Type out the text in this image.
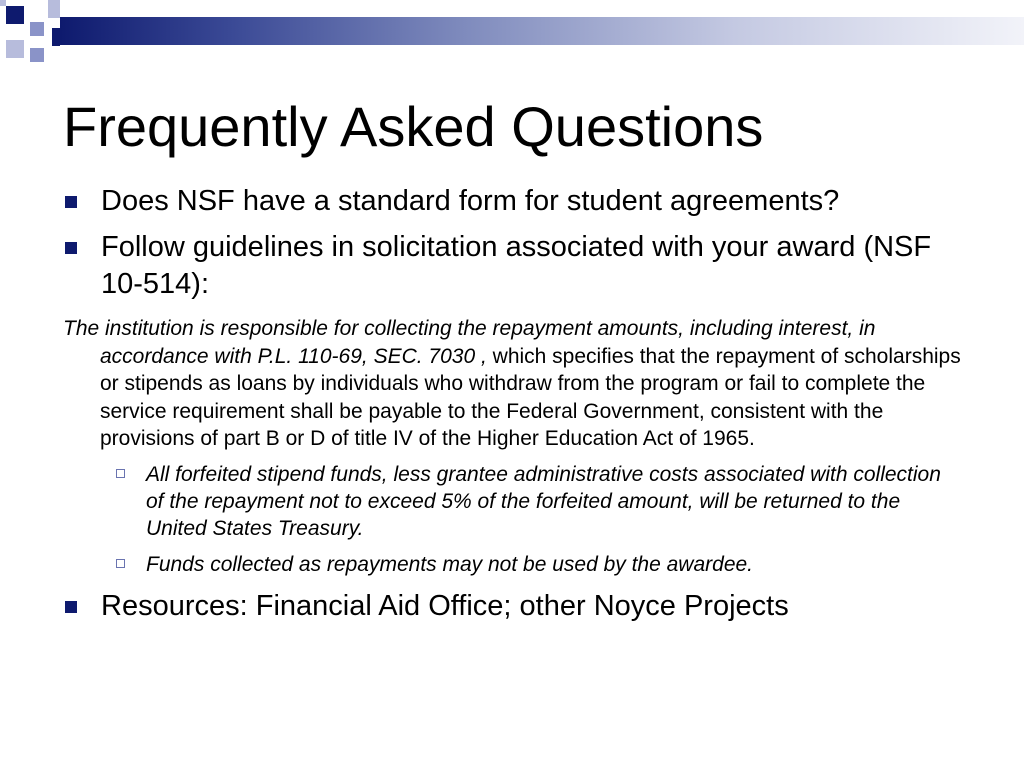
Frequently Asked Questions
Does NSF have a standard form for student agreements?
Follow guidelines in solicitation associated with your award (NSF 10-514):
The institution is responsible for collecting the repayment amounts, including interest, in accordance with P.L. 110-69, SEC. 7030 , which specifies that the repayment of scholarships or stipends as loans by individuals who withdraw from the program or fail to complete the service requirement shall be payable to the Federal Government, consistent with the provisions of part B or D of title IV of the Higher Education Act of 1965.
All forfeited stipend funds, less grantee administrative costs associated with collection of the repayment not to exceed 5% of the forfeited amount, will be returned to the United States Treasury.
Funds collected as repayments may not be used by the awardee.
Resources: Financial Aid Office; other Noyce Projects
